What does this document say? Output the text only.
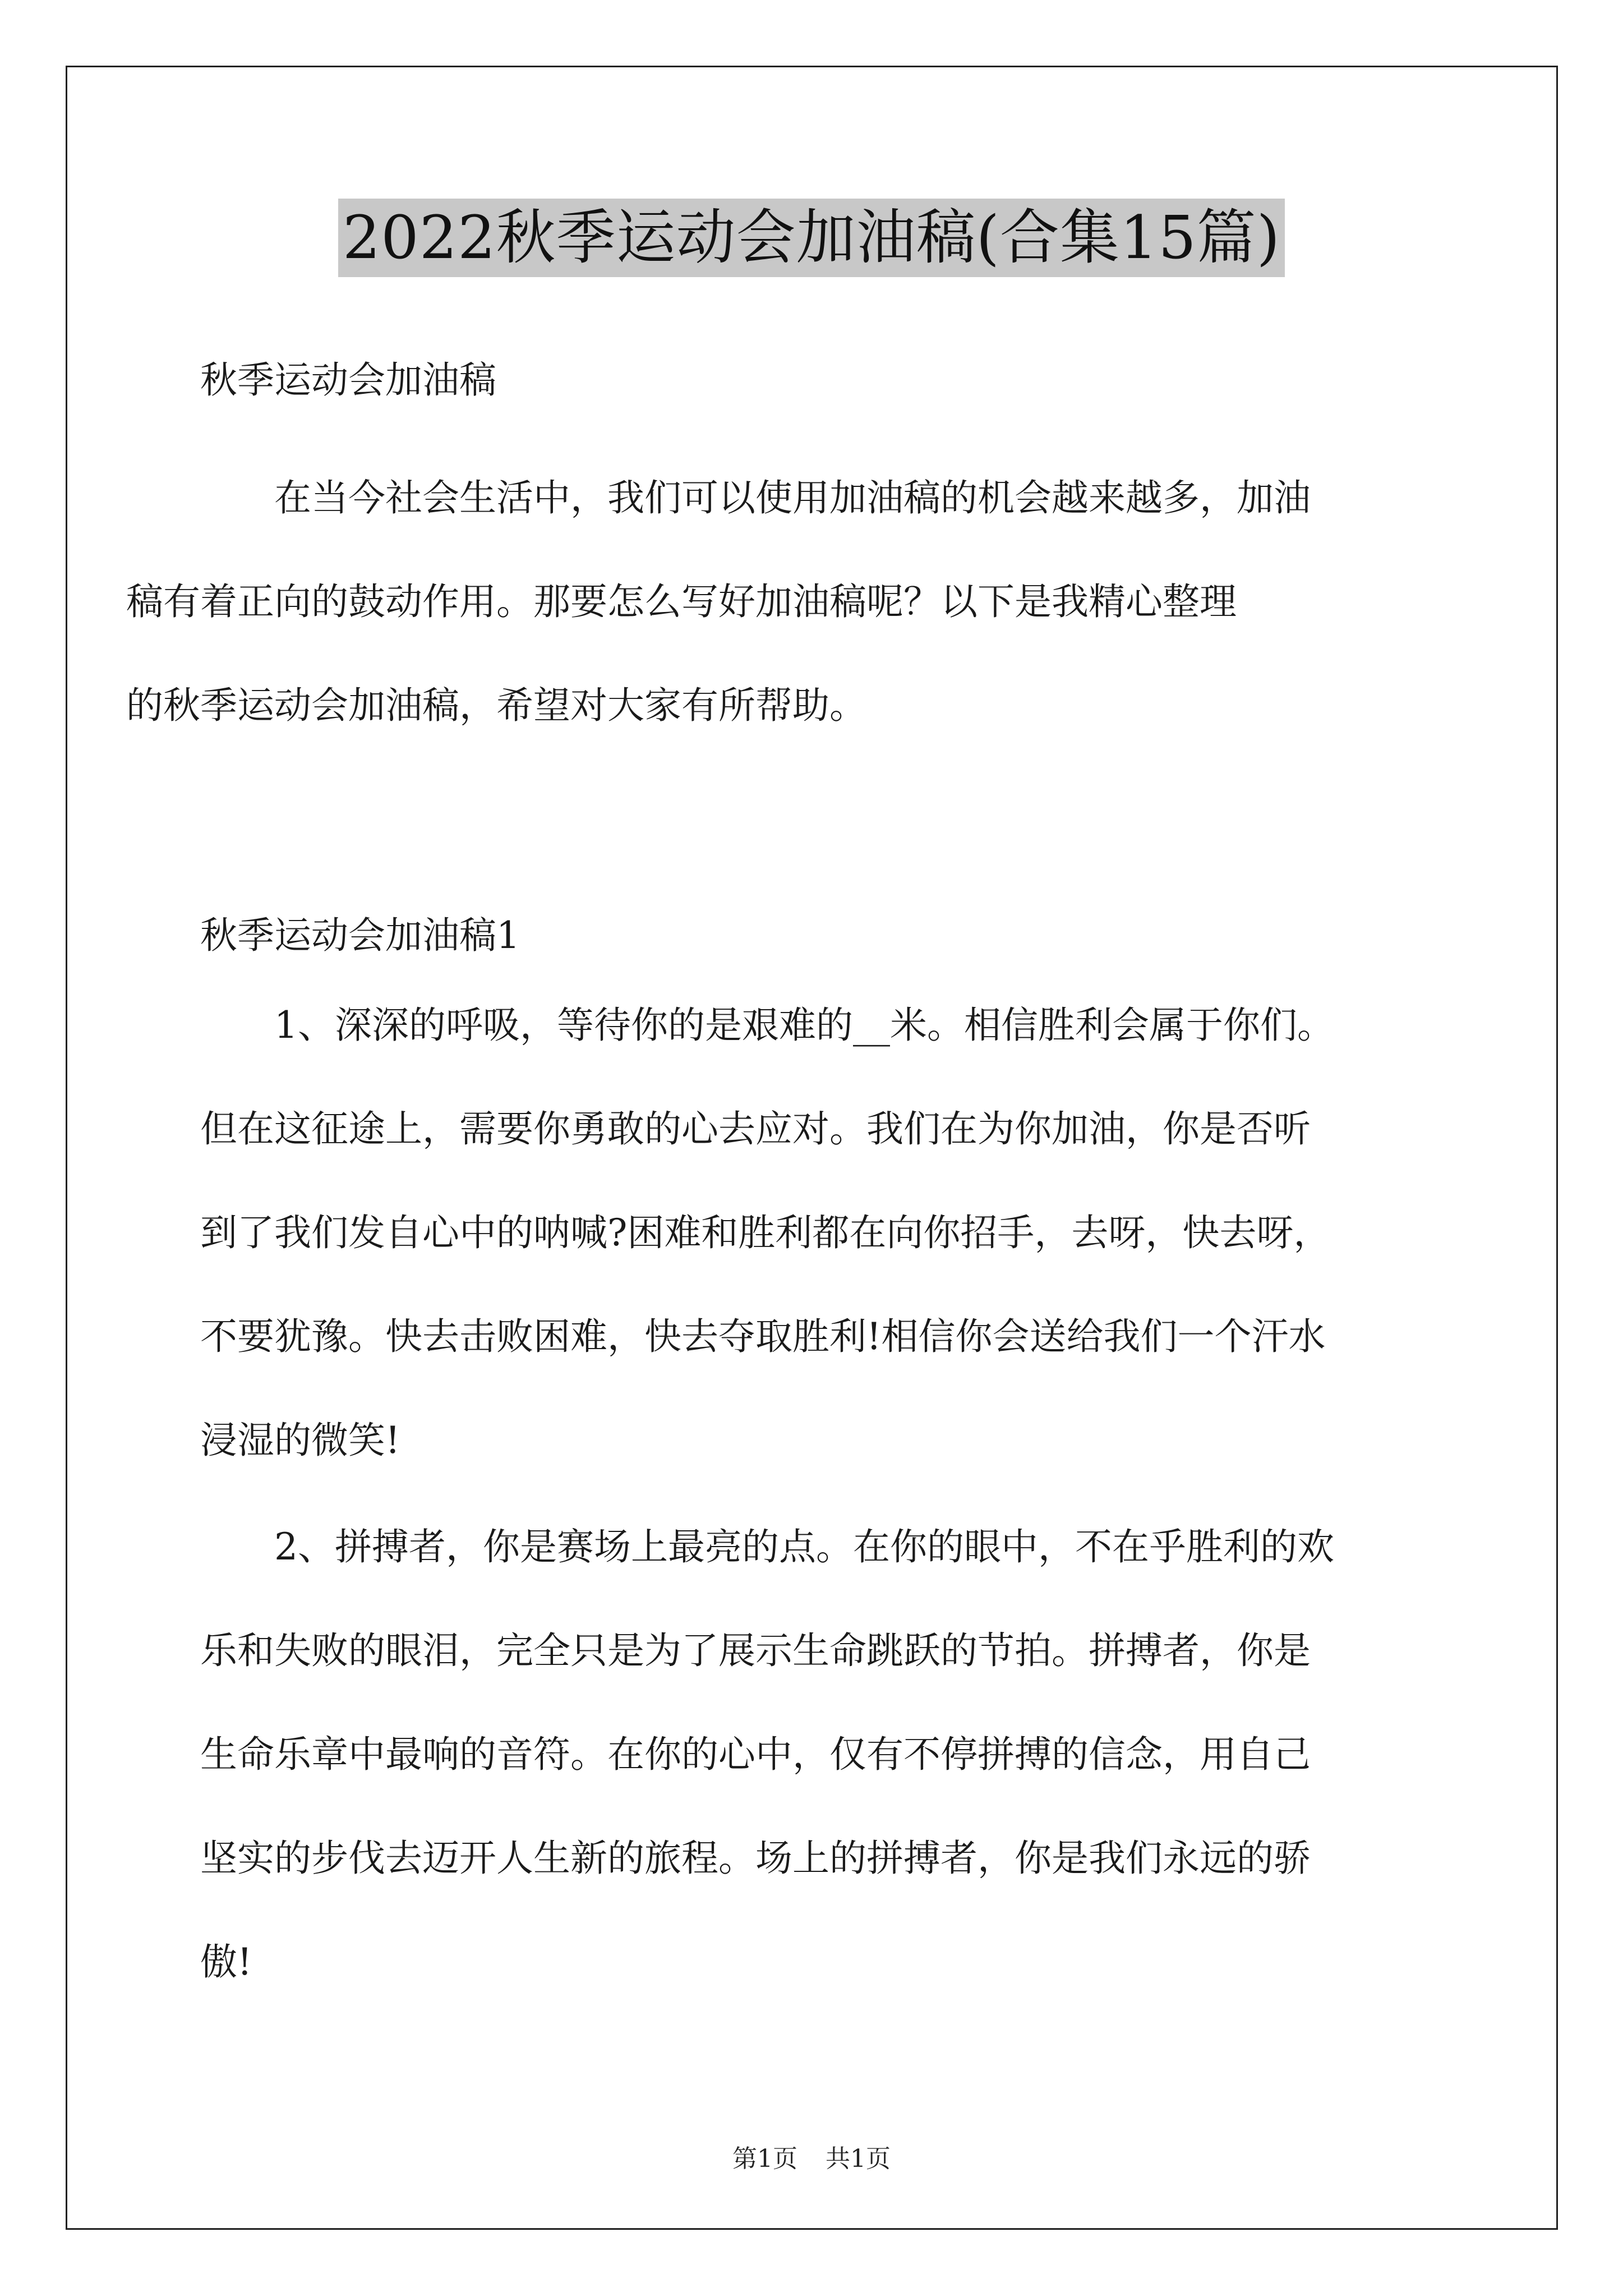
2022秋季运动会加油稿(合集15篇)
秋季运动会加油稿

在当今社会生活中，我们可以使用加油稿的机会越来越多，加油
稿有着正向的鼓动作用。那要怎么写好加油稿呢？以下是我精心整理
的秋季运动会加油稿，希望对大家有所帮助。

秋季运动会加油稿1

1、深深的呼吸，等待你的是艰难的__米。相信胜利会属于你们。
但在这征途上，需要你勇敢的心去应对。我们在为你加油，你是否听
到了我们发自心中的呐喊?困难和胜利都在向你招手，去呀，快去呀，
不要犹豫。快去击败困难，快去夺取胜利!相信你会送给我们一个汗水
浸湿的微笑!

2、拼搏者，你是赛场上最亮的点。在你的眼中，不在乎胜利的欢
乐和失败的眼泪，完全只是为了展示生命跳跃的节拍。拼搏者，你是
生命乐章中最响的音符。在你的心中，仅有不停拼搏的信念，用自己
坚实的步伐去迈开人生新的旅程。场上的拼搏者，你是我们永远的骄
傲!

第1页 共1页
